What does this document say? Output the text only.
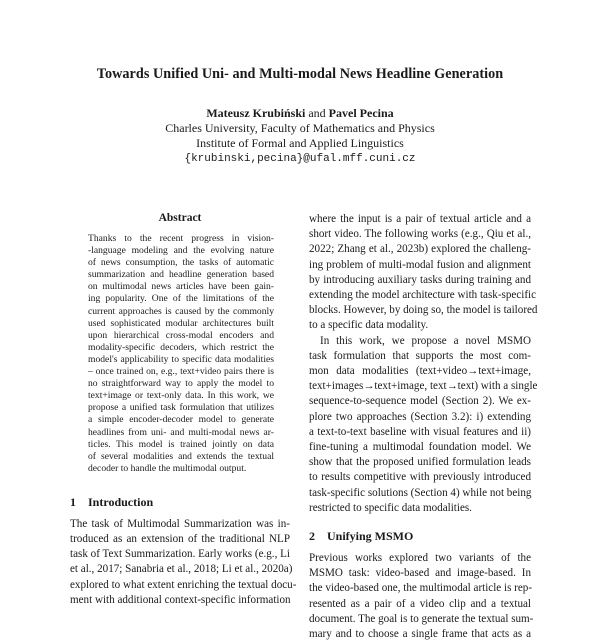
Towards Unified Uni- and Multi-modal News Headline Generation
Mateusz Krubiński and Pavel Pecina
Charles University, Faculty of Mathematics and Physics
Institute of Formal and Applied Linguistics
{krubinski,pecina}@ufal.mff.cuni.cz
Abstract
Thanks to the recent progress in vision-
-language modeling and the evolving nature
of news consumption, the tasks of automatic
summarization and headline generation based
on multimodal news articles have been gain-
ing popularity. One of the limitations of the
current approaches is caused by the commonly
used sophisticated modular architectures built
upon hierarchical cross-modal encoders and
modality-specific decoders, which restrict the
model's applicability to specific data modalities
– once trained on, e.g., text+video pairs there is
no straightforward way to apply the model to
text+image or text-only data. In this work, we
propose a unified task formulation that utilizes
a simple encoder-decoder model to generate
headlines from uni- and multi-modal news ar-
ticles. This model is trained jointly on data
of several modalities and extends the textual
decoder to handle the multimodal output.
1 Introduction
The task of Multimodal Summarization was in-
troduced as an extension of the traditional NLP
task of Text Summarization. Early works (e.g., Li
et al., 2017; Sanabria et al., 2018; Li et al., 2020a)
explored to what extent enriching the textual docu-
ment with additional context-specific information
where the input is a pair of textual article and a
short video. The following works (e.g., Qiu et al.,
2022; Zhang et al., 2023b) explored the challeng-
ing problem of multi-modal fusion and alignment
by introducing auxiliary tasks during training and
extending the model architecture with task-specific
blocks. However, by doing so, the model is tailored
to a specific data modality.
In this work, we propose a novel MSMO
task formulation that supports the most com-
mon data modalities (text+video→text+image,
text+images→text+image, text→text) with a single
sequence-to-sequence model (Section 2). We ex-
plore two approaches (Section 3.2): i) extending
a text-to-text baseline with visual features and ii)
fine-tuning a multimodal foundation model. We
show that the proposed unified formulation leads
to results competitive with previously introduced
task-specific solutions (Section 4) while not being
restricted to specific data modalities.
2 Unifying MSMO
Previous works explored two variants of the
MSMO task: video-based and image-based. In
the video-based one, the multimodal article is rep-
resented as a pair of a video clip and a textual
document. The goal is to generate the textual sum-
mary and to choose a single frame that acts as a
